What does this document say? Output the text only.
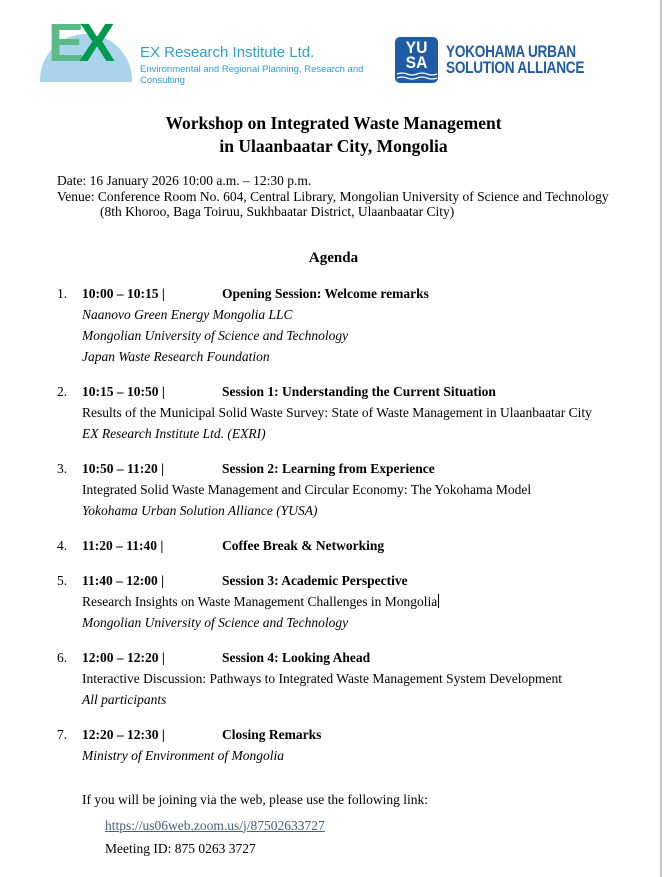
EX EX Research Institute Ltd.
Environmental and Regional Planning, Research and Consulting
YU
SA
YOKOHAMA URBAN
SOLUTION ALLIANCE
Workshop on Integrated Waste Management
in Ulaanbaatar City, Mongolia
Date: 16 January 2026 10:00 a.m. – 12:30 p.m.
Venue: Conference Room No. 604, Central Library, Mongolian University of Science and Technology
(8th Khoroo, Baga Toiruu, Sukhbaatar District, Ulaanbaatar City)
Agenda
1.	10:00 – 10:15 |	Opening Session: Welcome remarks
Naanovo Green Energy Mongolia LLC
Mongolian University of Science and Technology
Japan Waste Research Foundation
2.	10:15 – 10:50 |	Session 1: Understanding the Current Situation
Results of the Municipal Solid Waste Survey: State of Waste Management in Ulaanbaatar City
EX Research Institute Ltd. (EXRI)
3.	10:50 – 11:20 |	Session 2: Learning from Experience
Integrated Solid Waste Management and Circular Economy: The Yokohama Model
Yokohama Urban Solution Alliance (YUSA)
4.	11:20 – 11:40 |	Coffee Break & Networking
5.	11:40 – 12:00 |	Session 3: Academic Perspective
Research Insights on Waste Management Challenges in Mongolia
Mongolian University of Science and Technology
6.	12:00 – 12:20 |	Session 4: Looking Ahead
Interactive Discussion: Pathways to Integrated Waste Management System Development
All participants
7.	12:20 – 12:30 |	Closing Remarks
Ministry of Environment of Mongolia
If you will be joining via the web, please use the following link:
https://us06web.zoom.us/j/87502633727
Meeting ID: 875 0263 3727
